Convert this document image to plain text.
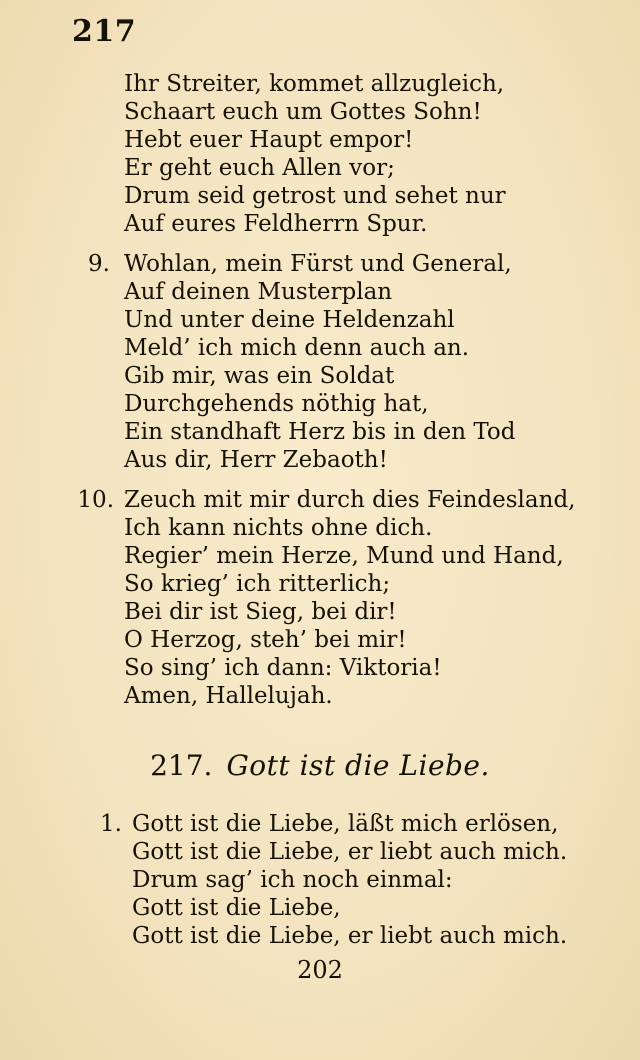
217
Ihr Streiter, kommet allzugleich,
Schaart euch um Gottes Sohn!
Hebt euer Haupt empor!
Er geht euch Allen vor;
Drum seid getrost und sehet nur
Auf eures Feldherrn Spur.
9. Wohlan, mein Fürst und General,
Auf deinen Musterplan
Und unter deine Heldenzahl
Meld’ ich mich denn auch an.
Gib mir, was ein Soldat
Durchgehends nöthig hat,
Ein standhaft Herz bis in den Tod
Aus dir, Herr Zebaoth!
10. Zeuch mit mir durch dies Feindesland,
Ich kann nichts ohne dich.
Regier’ mein Herze, Mund und Hand,
So krieg’ ich ritterlich;
Bei dir ist Sieg, bei dir!
O Herzog, steh’ bei mir!
So sing’ ich dann: Viktoria!
Amen, Hallelujah.
217. Gott ist die Liebe.
1. Gott ist die Liebe, läßt mich erlösen,
Gott ist die Liebe, er liebt auch mich.
Drum sag’ ich noch einmal:
Gott ist die Liebe,
Gott ist die Liebe, er liebt auch mich.
202
